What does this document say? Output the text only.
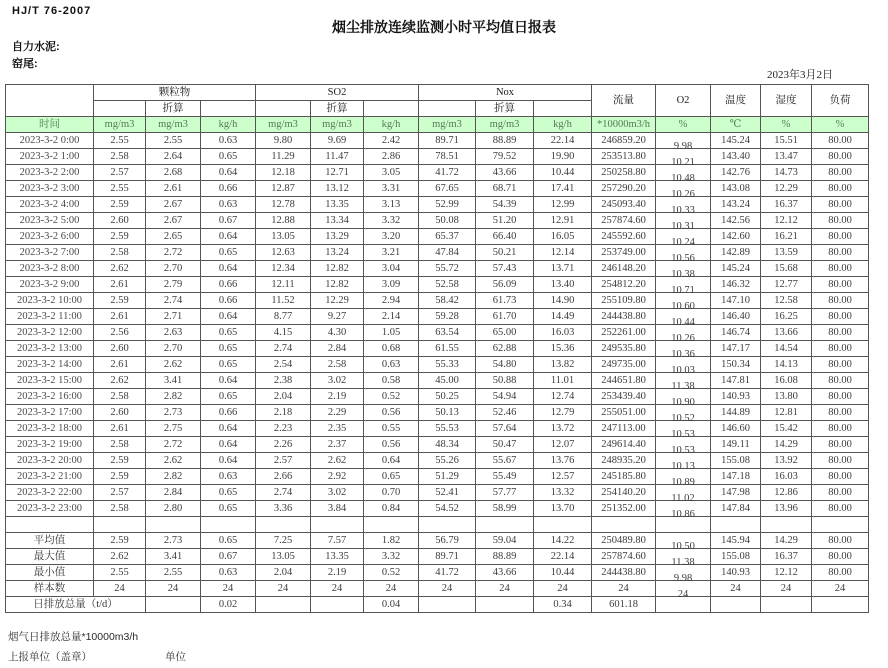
HJ/T 76-2007
烟尘排放连续监测小时平均值日报表
自力水泥:
窑尾:
2023年3月2日
	颗粒物			SO2			Nox			流量	O2	温度	湿度	负荷
		折算			折算			折算						
时间	mg/m3	mg/m3	kg/h	mg/m3	mg/m3	kg/h	mg/m3	mg/m3	kg/h	*10000m3/h	%	℃	%	%
2023-3-2 0:00	2.55	2.55	0.63	9.80	9.69	2.42	89.71	88.89	22.14	246859.20	9.98	145.24	15.51	80.00
2023-3-2 1:00	2.58	2.64	0.65	11.29	11.47	2.86	78.51	79.52	19.90	253513.80	10.21	143.40	13.47	80.00
2023-3-2 2:00	2.57	2.68	0.64	12.18	12.71	3.05	41.72	43.66	10.44	250258.80	10.48	142.76	14.73	80.00
2023-3-2 3:00	2.55	2.61	0.66	12.87	13.12	3.31	67.65	68.71	17.41	257290.20	10.26	143.08	12.29	80.00
2023-3-2 4:00	2.59	2.67	0.63	12.78	13.35	3.13	52.99	54.39	12.99	245093.40	10.33	143.24	16.37	80.00
2023-3-2 5:00	2.60	2.67	0.67	12.88	13.34	3.32	50.08	51.20	12.91	257874.60	10.31	142.56	12.12	80.00
2023-3-2 6:00	2.59	2.65	0.64	13.05	13.29	3.20	65.37	66.40	16.05	245592.60	10.24	142.60	16.21	80.00
2023-3-2 7:00	2.58	2.72	0.65	12.63	13.24	3.21	47.84	50.21	12.14	253749.00	10.56	142.89	13.59	80.00
2023-3-2 8:00	2.62	2.70	0.64	12.34	12.82	3.04	55.72	57.43	13.71	246148.20	10.38	145.24	15.68	80.00
2023-3-2 9:00	2.61	2.79	0.66	12.11	12.82	3.09	52.58	56.09	13.40	254812.20	10.71	146.32	12.77	80.00
2023-3-2 10:00	2.59	2.74	0.66	11.52	12.29	2.94	58.42	61.73	14.90	255109.80	10.60	147.10	12.58	80.00
2023-3-2 11:00	2.61	2.71	0.64	8.77	9.27	2.14	59.28	61.70	14.49	244438.80	10.44	146.40	16.25	80.00
2023-3-2 12:00	2.56	2.63	0.65	4.15	4.30	1.05	63.54	65.00	16.03	252261.00	10.26	146.74	13.66	80.00
2023-3-2 13:00	2.60	2.70	0.65	2.74	2.84	0.68	61.55	62.88	15.36	249535.80	10.36	147.17	14.54	80.00
2023-3-2 14:00	2.61	2.62	0.65	2.54	2.58	0.63	55.33	54.80	13.82	249735.00	10.03	150.34	14.13	80.00
2023-3-2 15:00	2.62	3.41	0.64	2.38	3.02	0.58	45.00	50.88	11.01	244651.80	11.38	147.81	16.08	80.00
2023-3-2 16:00	2.58	2.82	0.65	2.04	2.19	0.52	50.25	54.94	12.74	253439.40	10.90	140.93	13.80	80.00
2023-3-2 17:00	2.60	2.73	0.66	2.18	2.29	0.56	50.13	52.46	12.79	255051.00	10.52	144.89	12.81	80.00
2023-3-2 18:00	2.61	2.75	0.64	2.23	2.35	0.55	55.53	57.64	13.72	247113.00	10.53	146.60	15.42	80.00
2023-3-2 19:00	2.58	2.72	0.64	2.26	2.37	0.56	48.34	50.47	12.07	249614.40	10.53	149.11	14.29	80.00
2023-3-2 20:00	2.59	2.62	0.64	2.57	2.62	0.64	55.26	55.67	13.76	248935.20	10.13	155.08	13.92	80.00
2023-3-2 21:00	2.59	2.82	0.63	2.66	2.92	0.65	51.29	55.49	12.57	245185.80	10.89	147.18	16.03	80.00
2023-3-2 22:00	2.57	2.84	0.65	2.74	3.02	0.70	52.41	57.77	13.32	254140.20	11.02	147.98	12.86	80.00
2023-3-2 23:00	2.58	2.80	0.65	3.36	3.84	0.84	54.52	58.99	13.70	251352.00	10.86	147.84	13.96	80.00

平均值	2.59	2.73	0.65	7.25	7.57	1.82	56.79	59.04	14.22	250489.80	10.50	145.94	14.29	80.00
最大值	2.62	3.41	0.67	13.05	13.35	3.32	89.71	88.89	22.14	257874.60	11.38	155.08	16.37	80.00
最小值	2.55	2.55	0.63	2.04	2.19	0.52	41.72	43.66	10.44	244438.80	9.98	140.93	12.12	80.00
样本数	24	24	24	24	24	24	24	24	24	24	24	24	24	24
日排放总量（t/d）			0.02			0.04			0.34	601.18				
烟气日排放总量*10000m3/h
上报单位（盖章）	单位
